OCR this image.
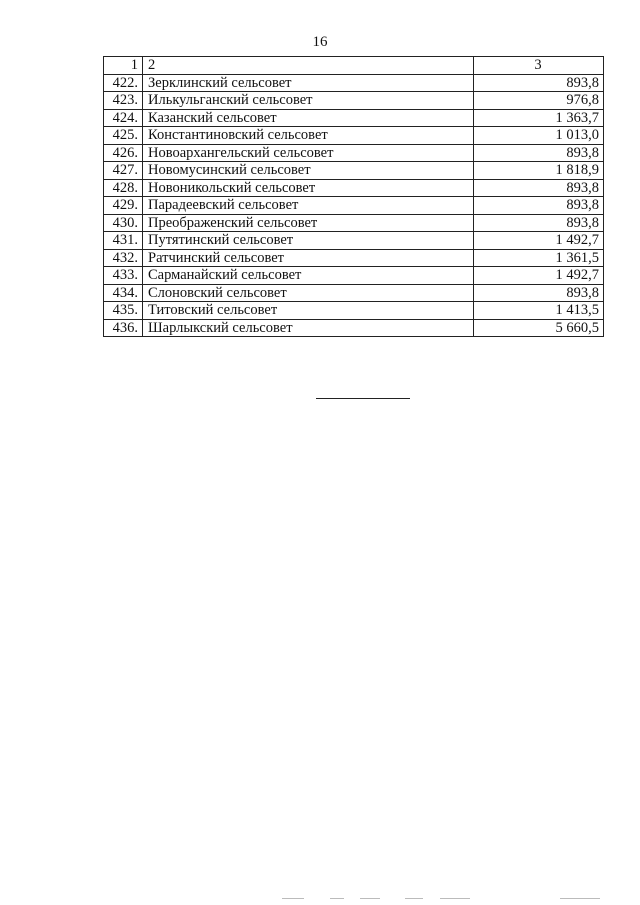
16
1	2	3
422.	Зерклинский сельсовет	893,8
423.	Илькульганский сельсовет	976,8
424.	Казанский сельсовет	1 363,7
425.	Константиновский сельсовет	1 013,0
426.	Новоархангельский сельсовет	893,8
427.	Новомусинский сельсовет	1 818,9
428.	Новоникольский сельсовет	893,8
429.	Парадеевский сельсовет	893,8
430.	Преображенский сельсовет	893,8
431.	Путятинский сельсовет	1 492,7
432.	Ратчинский сельсовет	1 361,5
433.	Сарманайский сельсовет	1 492,7
434.	Слоновский сельсовет	893,8
435.	Титовский сельсовет	1 413,5
436.	Шарлыкский сельсовет	5 660,5
